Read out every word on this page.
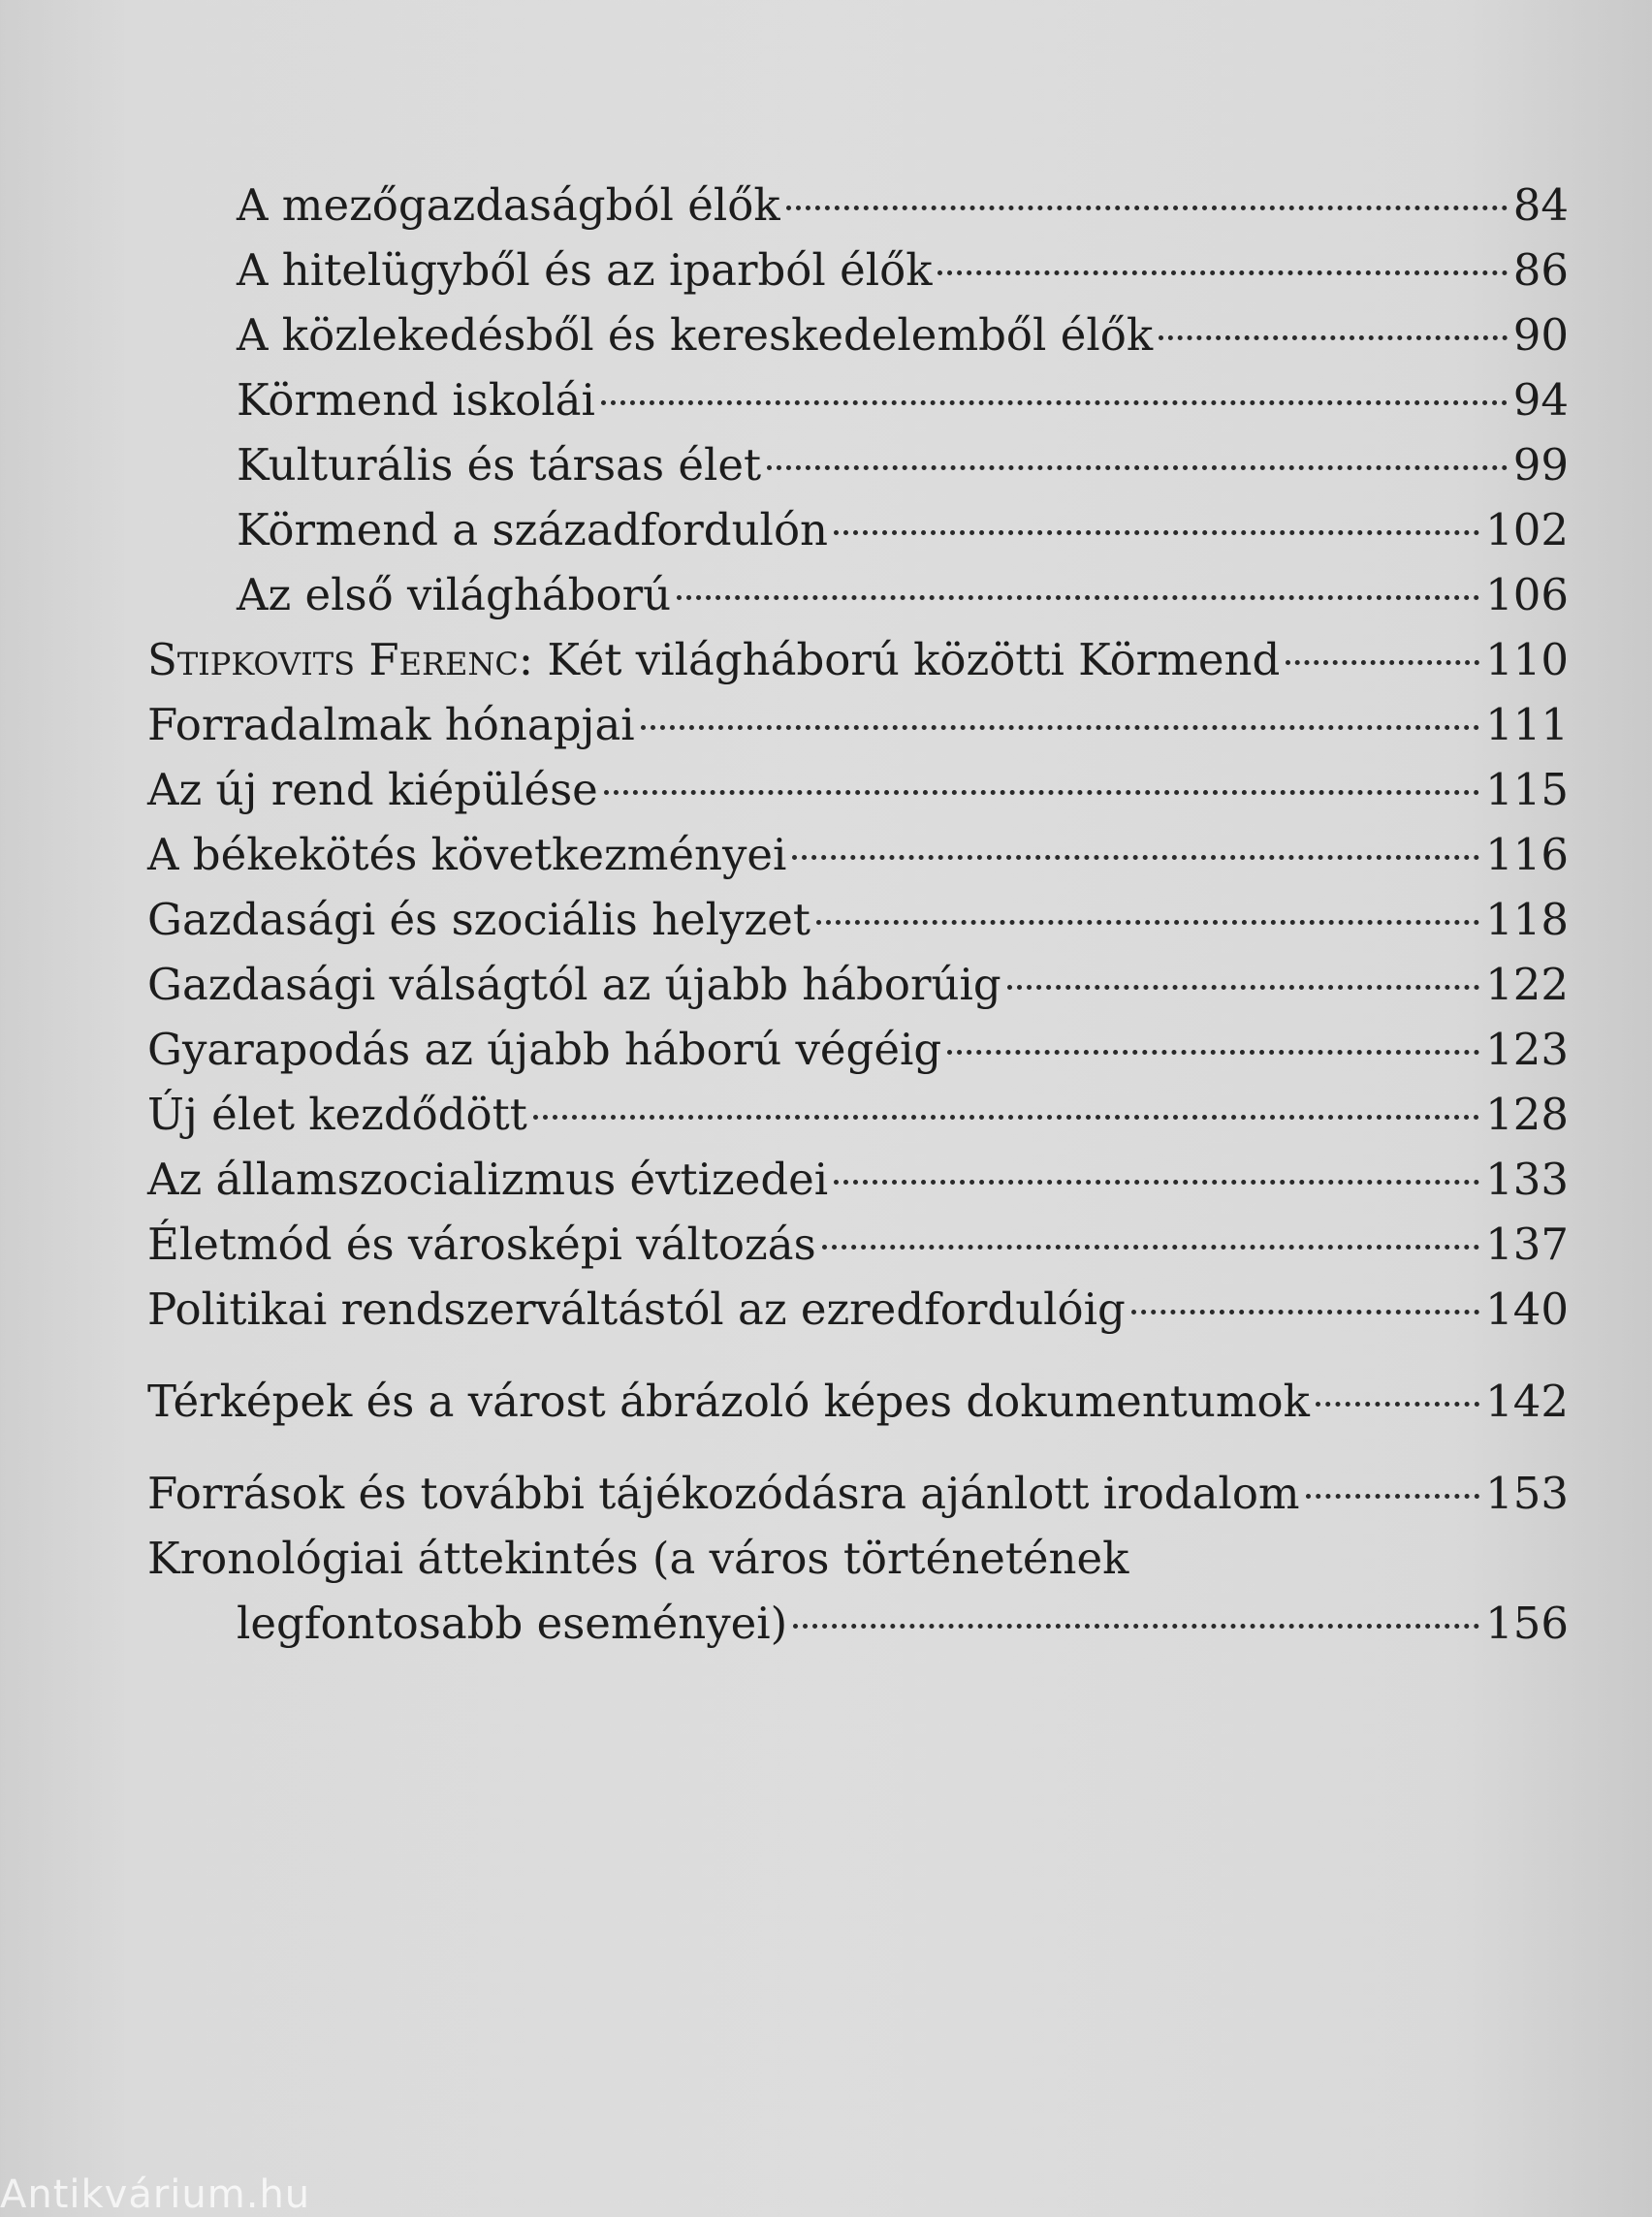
A mezőgazdaságból élők	84
A hitelügyből és az iparból élők	86
A közlekedésből és kereskedelemből élők	90
Körmend iskolái	94
Kulturális és társas élet	99
Körmend a századfordulón	102
Az első világháború	106
Stipkovits Ferenc: Két világháború közötti Körmend	110
Forradalmak hónapjai	111
Az új rend kiépülése	115
A békekötés következményei	116
Gazdasági és szociális helyzet	118
Gazdasági válságtól az újabb háborúig	122
Gyarapodás az újabb háború végéig	123
Új élet kezdődött	128
Az államszocializmus évtizedei	133
Életmód és városképi változás	137
Politikai rendszerváltástól az ezredfordulóig	140
Térképek és a várost ábrázoló képes dokumentumok	142
Források és további tájékozódásra ajánlott irodalom	153
Kronológiai áttekintés (a város történetének
legfontosabb eseményei)	156
Antikvárium.hu
